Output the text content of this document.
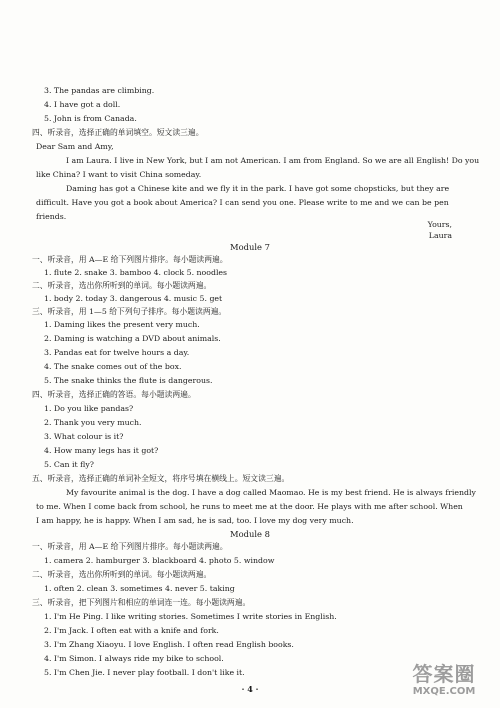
3. The pandas are climbing.
4. I have got a doll.
5. John is from Canada.
四、听录音，选择正确的单词填空。短文读三遍。
Dear Sam and Amy,
I am Laura. I live in New York, but I am not American. I am from England. So we are all English! Do you
like China? I want to visit China someday.
Daming has got a Chinese kite and we fly it in the park. I have got some chopsticks, but they are
difficult. Have you got a book about America? I can send you one. Please write to me and we can be pen
friends.
Yours,
Laura
Module 7
一、听录音，用 A—E 给下列图片排序。每小题读两遍。
1. flute 2. snake 3. bamboo 4. clock 5. noodles
二、听录音，选出你所听到的单词。每小题读两遍。
1. body 2. today 3. dangerous 4. music 5. get
三、听录音，用 1—5 给下列句子排序。每小题读两遍。
1. Daming likes the present very much.
2. Daming is watching a DVD about animals.
3. Pandas eat for twelve hours a day.
4. The snake comes out of the box.
5. The snake thinks the flute is dangerous.
四、听录音，选择正确的答语。每小题读两遍。
1. Do you like pandas?
2. Thank you very much.
3. What colour is it?
4. How many legs has it got?
5. Can it fly?
五、听录音，选择正确的单词补全短文，将序号填在横线上。短文读三遍。
My favourite animal is the dog. I have a dog called Maomao. He is my best friend. He is always friendly
to me. When I come back from school, he runs to meet me at the door. He plays with me after school. When
I am happy, he is happy. When I am sad, he is sad, too. I love my dog very much.
Module 8
一、听录音，用 A—E 给下列图片排序。每小题读两遍。
1. camera 2. hamburger 3. blackboard 4. photo 5. window
二、听录音，选出你所听到的单词。每小题读两遍。
1. often 2. clean 3. sometimes 4. never 5. taking
三、听录音，把下列图片和相应的单词连一连。每小题读两遍。
1. I'm He Ping. I like writing stories. Sometimes I write stories in English.
2. I'm Jack. I often eat with a knife and fork.
3. I'm Zhang Xiaoyu. I love English. I often read English books.
4. I'm Simon. I always ride my bike to school.
5. I'm Chen Jie. I never play football. I don't like it.
· 4 ·
答案圈
MXQE.COM
